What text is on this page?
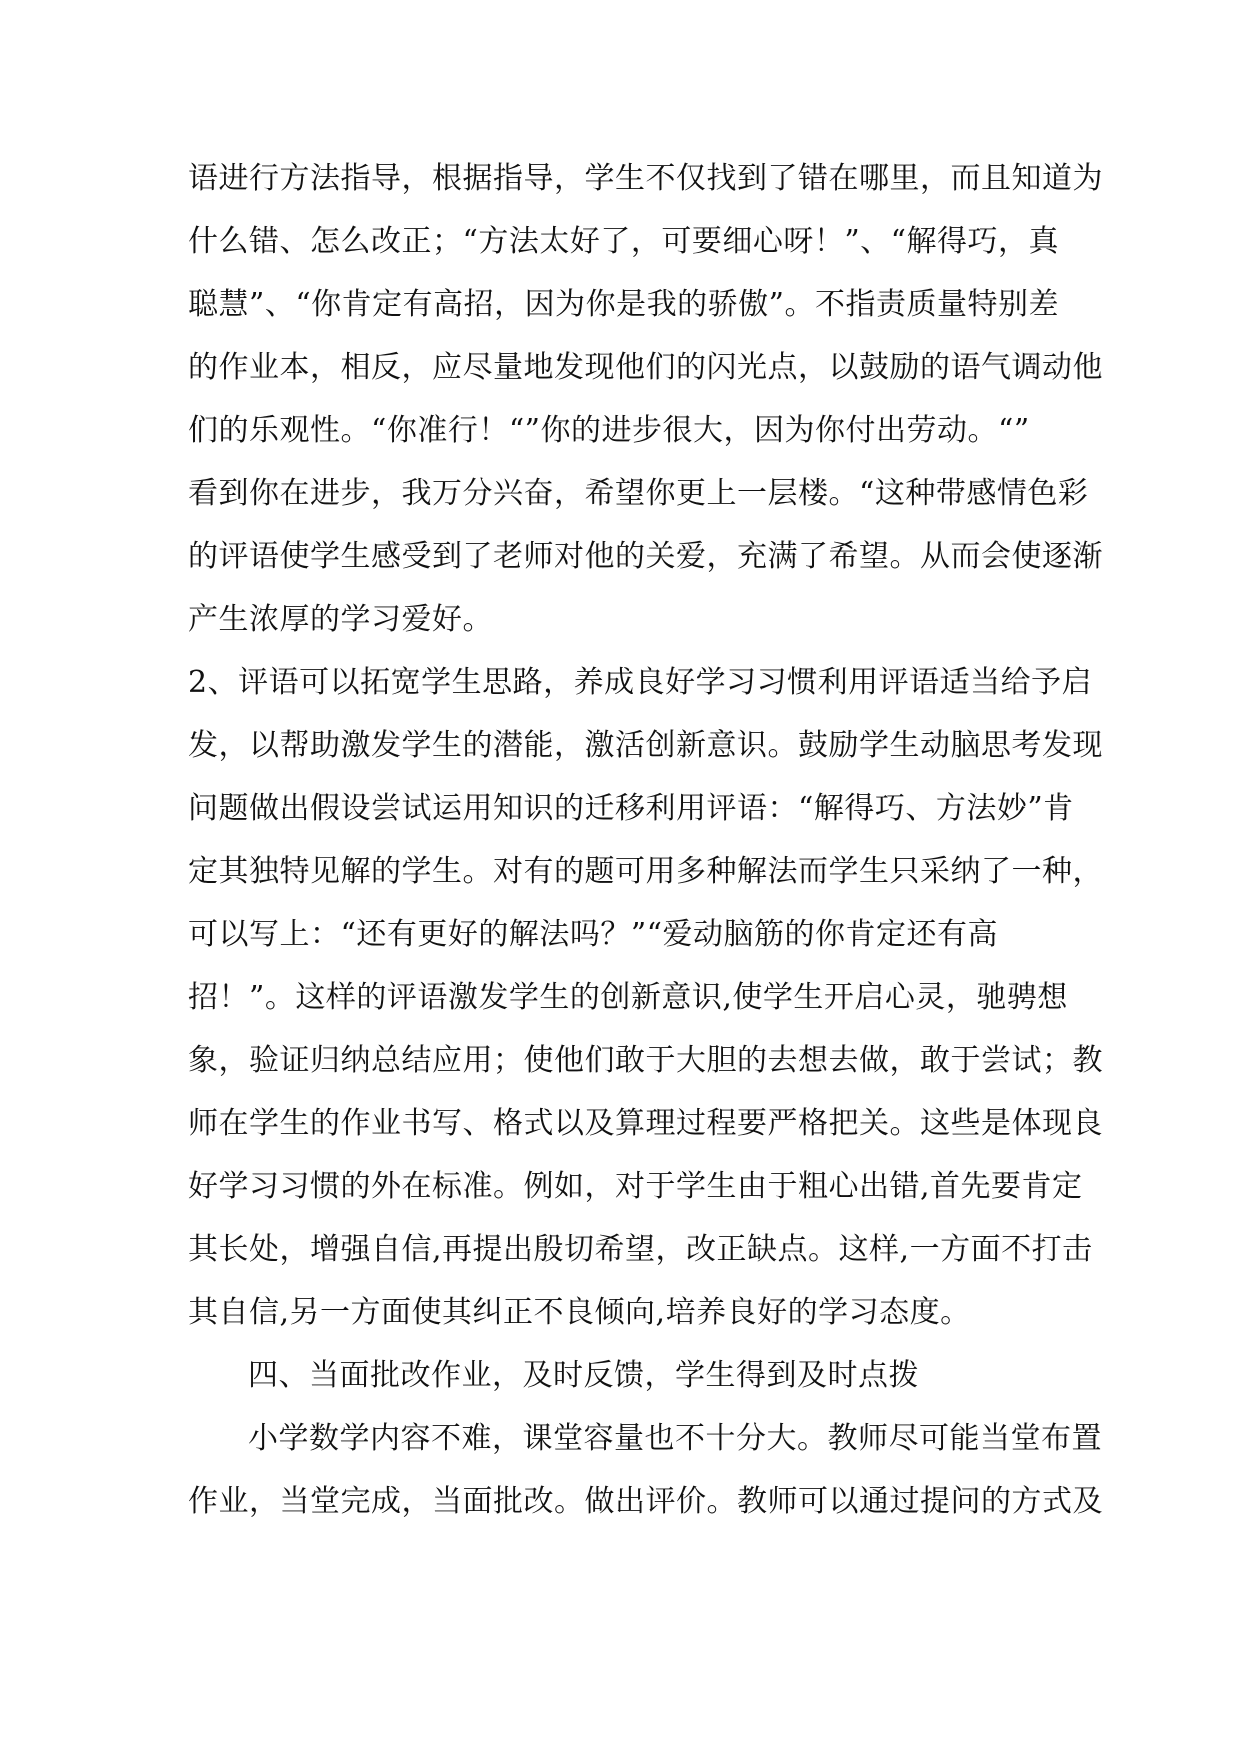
语进行方法指导，根据指导，学生不仅找到了错在哪里，而且知道为
什么错、怎么改正；“方法太好了，可要细心呀！”、“解得巧，真
聪慧”、“你肯定有高招，因为你是我的骄傲”。不指责质量特别差
的作业本，相反，应尽量地发现他们的闪光点，以鼓励的语气调动他
们的乐观性。“你准行！“”你的进步很大，因为你付出劳动。“”
看到你在进步，我万分兴奋，希望你更上一层楼。“这种带感情色彩
的评语使学生感受到了老师对他的关爱，充满了希望。从而会使逐渐
产生浓厚的学习爱好。
2、评语可以拓宽学生思路，养成良好学习习惯利用评语适当给予启
发，以帮助激发学生的潜能，激活创新意识。鼓励学生动脑思考发现
问题做出假设尝试运用知识的迁移利用评语：“解得巧、方法妙”肯
定其独特见解的学生。对有的题可用多种解法而学生只采纳了一种，
可以写上：“还有更好的解法吗？”“爱动脑筋的你肯定还有高
招！”。这样的评语激发学生的创新意识,使学生开启心灵，驰骋想
象，验证归纳总结应用；使他们敢于大胆的去想去做，敢于尝试；教
师在学生的作业书写、格式以及算理过程要严格把关。这些是体现良
好学习习惯的外在标准。例如，对于学生由于粗心出错,首先要肯定
其长处，增强自信,再提出殷切希望，改正缺点。这样,一方面不打击
其自信,另一方面使其纠正不良倾向,培养良好的学习态度。
四、当面批改作业，及时反馈，学生得到及时点拨
小学数学内容不难，课堂容量也不十分大。教师尽可能当堂布置
作业，当堂完成，当面批改。做出评价。教师可以通过提问的方式及
